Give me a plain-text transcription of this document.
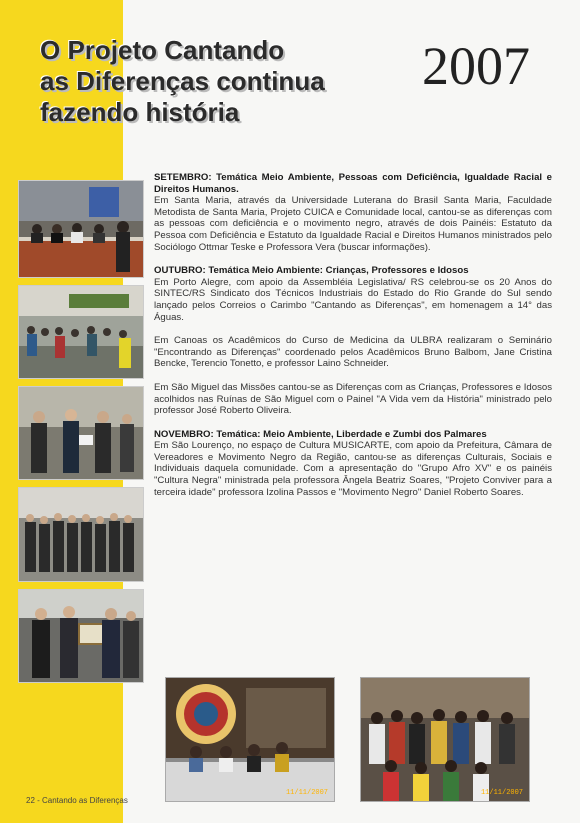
O Projeto Cantando
as Diferenças continua
fazendo história
2007

SETEMBRO: Temática Meio Ambiente, Pessoas com Deficiência, Igualdade Racial e Direitos Humanos.
Em Santa Maria, através da Universidade Luterana do Brasil Santa Maria, Faculdade Metodista de Santa Maria, Projeto CUICA e Comunidade local, cantou-se as diferenças com as pessoas com deficiência e o movimento negro, através de dois Painéis: Estatuto da Pessoa com Deficiência e Estatuto da Igualdade Racial e Direitos Humanos ministrados pelo Sociólogo Ottmar Teske e Professora Vera (buscar informações).

OUTUBRO: Temática Meio Ambiente: Crianças, Professores e Idosos
Em Porto Alegre, com apoio da Assembléia Legislativa/ RS celebrou-se os 20 Anos do SINTEC/RS Sindicato dos Técnicos Industriais do Estado do Rio Grande do Sul sendo lançado pelos Correios o Carimbo "Cantando as Diferenças", em homenagem a 14° das Águas.

Em Canoas os Acadêmicos do Curso de Medicina da ULBRA realizaram o Seminário "Encontrando as Diferenças" coordenado pelos Acadêmicos Bruno Balbom, Jane Cristina Bencke, Terencio Tonetto, e professor Laino Schneider.

Em São Miguel das Missões cantou-se as Diferenças com as Crianças, Professores e Idosos acolhidos nas Ruínas de São Miguel com o Painel "A Vida vem da História" ministrado pelo professor José Roberto Oliveira.

NOVEMBRO: Temática: Meio Ambiente, Liberdade e Zumbi dos Palmares
Em São Lourenço, no espaço de Cultura MUSICARTE, com apoio da Prefeitura, Câmara de Vereadores e Movimento Negro da Região, cantou-se as diferenças Culturais, Sociais e Individuais daquela comunidade. Com a apresentação do "Grupo Afro XV" e os painéis "Cultura Negra" ministrada pela professora Ângela Beatriz Soares, "Projeto Conviver para a terceira idade" professora Izolina Passos e "Movimento Negro" Daniel Roberto Soares.

11/11/2007	11/11/2007
22 - Cantando as Diferenças
